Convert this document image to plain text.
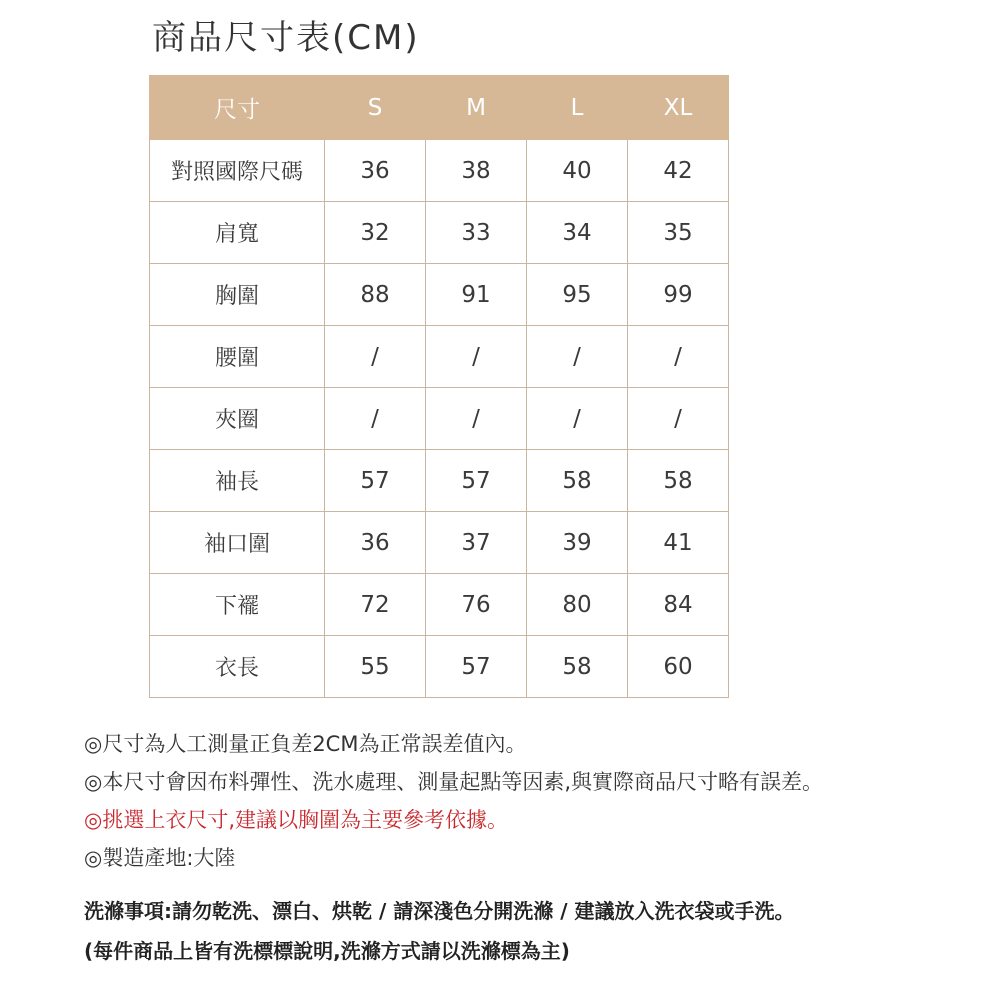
商品尺寸表(CM)
尺寸	S	M	L	XL
對照國際尺碼	36	38	40	42
肩寬	32	33	34	35
胸圍	88	91	95	99
腰圍	/	/	/	/
夾圈	/	/	/	/
袖長	57	57	58	58
袖口圍	36	37	39	41
下襬	72	76	80	84
衣長	55	57	58	60
◎尺寸為人工測量正負差2CM為正常誤差值內。
◎本尺寸會因布料彈性、洗水處理、測量起點等因素,與實際商品尺寸略有誤差。
◎挑選上衣尺寸,建議以胸圍為主要參考依據。
◎製造產地:大陸
洗滌事項:請勿乾洗、漂白、烘乾 / 請深淺色分開洗滌 / 建議放入洗衣袋或手洗。
(每件商品上皆有洗標標說明,洗滌方式請以洗滌標為主)
